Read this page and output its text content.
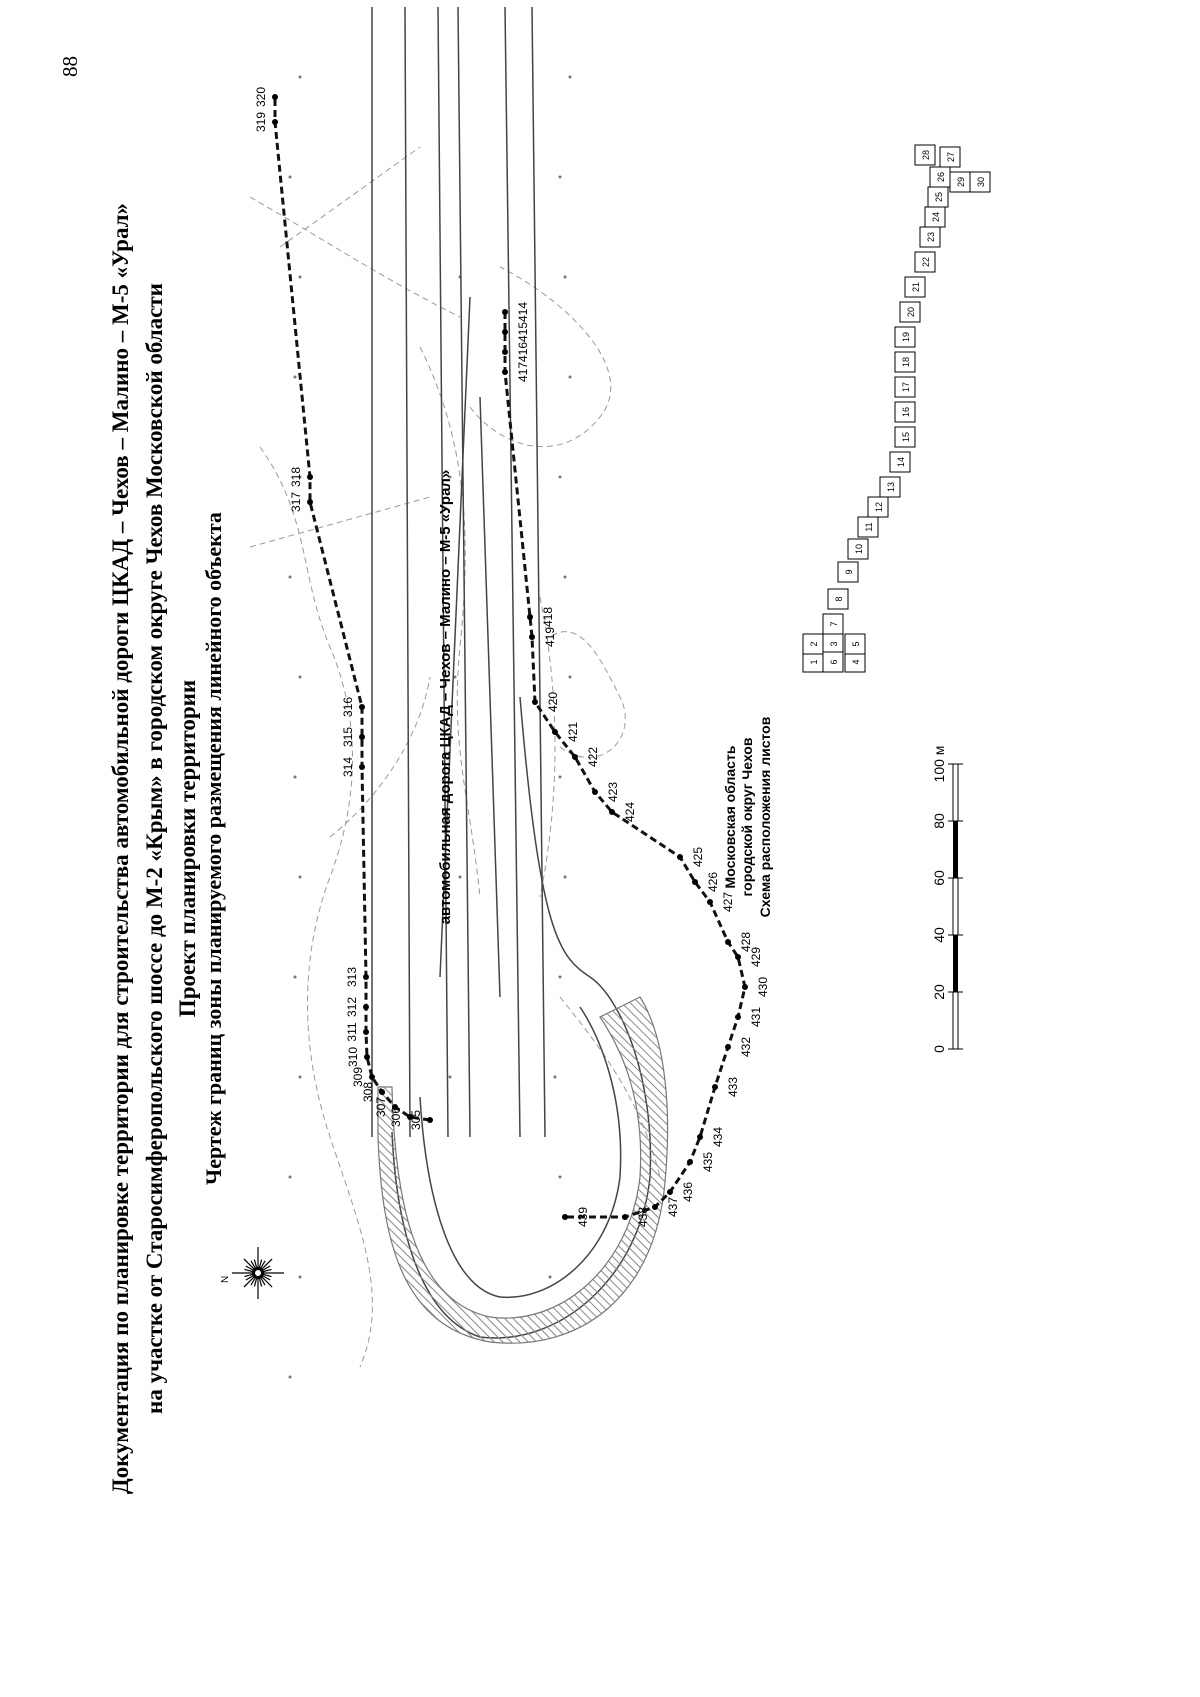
88
Документация по планировке территории для строительства автомобильной дороги ЦКАД – Чехов – Малино – М-5 «Урал» на участке от Старосимферопольского шоссе до М-2 «Крым» в городском округе Чехов Московской области Проект планировки территории Чертеж границ зоны планируемого размещения линейного объекта	305
306
307
308
309
310
311
312
313
314
315
316
317
318
319
320
414
415
416
417
418
419
420
421
422
423
424
425
426
427
428
429
430
431
432
433
434
435
436
437
438
439
автомобильная дорога ЦКАД – Чехов – Малино – М-5 «Урал»
N
1
2 3
4
5
6
7
8
9
10
11
12
13
14
15
16
17
18
19
20
21
22
23
24
25
26
27
28
29 30
Московская область городской округ Чехов Схема расположения листов
0
20
40
60
80
100 м
